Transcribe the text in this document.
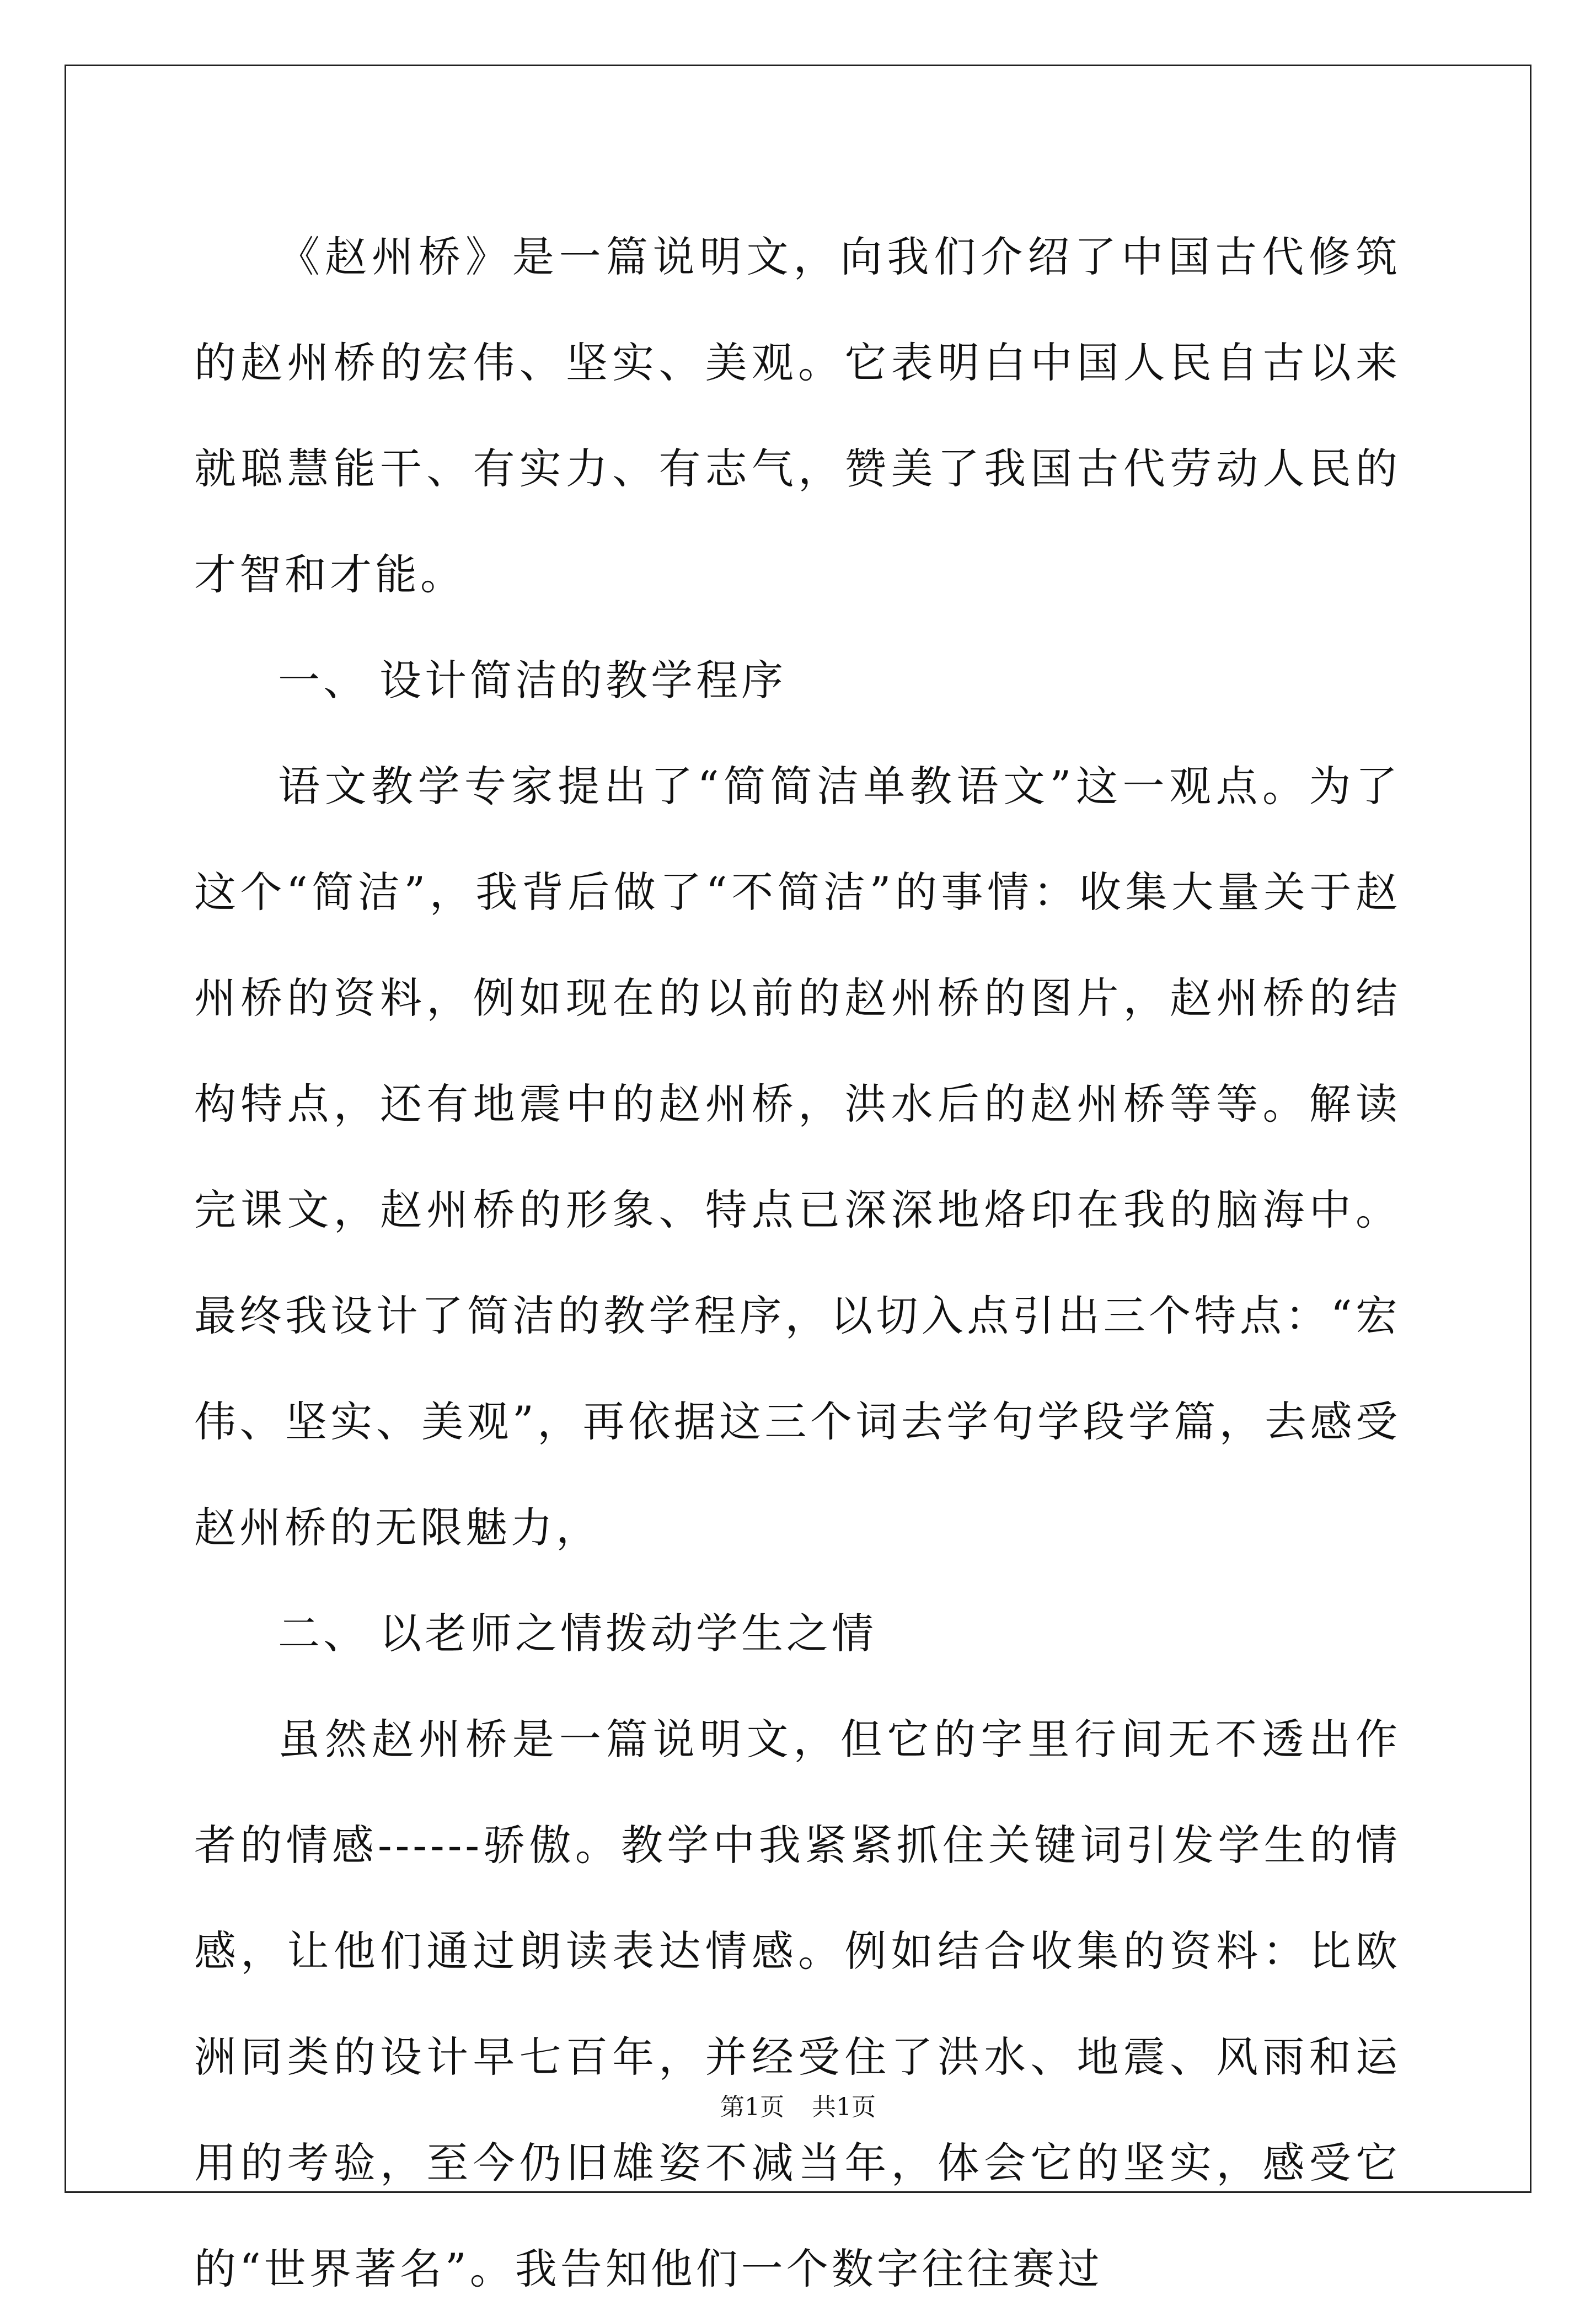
《赵州桥》是一篇说明文，向我们介绍了中国古代修筑的赵州桥的宏伟、坚实、美观。它表明白中国人民自古以来就聪慧能干、有实力、有志气，赞美了我国古代劳动人民的才智和才能。

一、 设计简洁的教学程序

语文教学专家提出了“简简洁单教语文”这一观点。为了这个“简洁”，我背后做了“不简洁”的事情：收集大量关于赵州桥的资料，例如现在的以前的赵州桥的图片，赵州桥的结构特点，还有地震中的赵州桥，洪水后的赵州桥等等。解读完课文，赵州桥的形象、特点已深深地烙印在我的脑海中。最终我设计了简洁的教学程序，以切入点引出三个特点：“宏伟、坚实、美观”，再依据这三个词去学句学段学篇，去感受赵州桥的无限魅力，

二、 以老师之情拨动学生之情

虽然赵州桥是一篇说明文，但它的字里行间无不透出作者的情感------骄傲。教学中我紧紧抓住关键词引发学生的情感，让他们通过朗读表达情感。例如结合收集的资料：比欧洲同类的设计早七百年，并经受住了洪水、地震、风雨和运用的考验，至今仍旧雄姿不减当年，体会它的坚实，感受它的“世界著名”。我告知他们一个数字往往赛过

第1页 共1页
